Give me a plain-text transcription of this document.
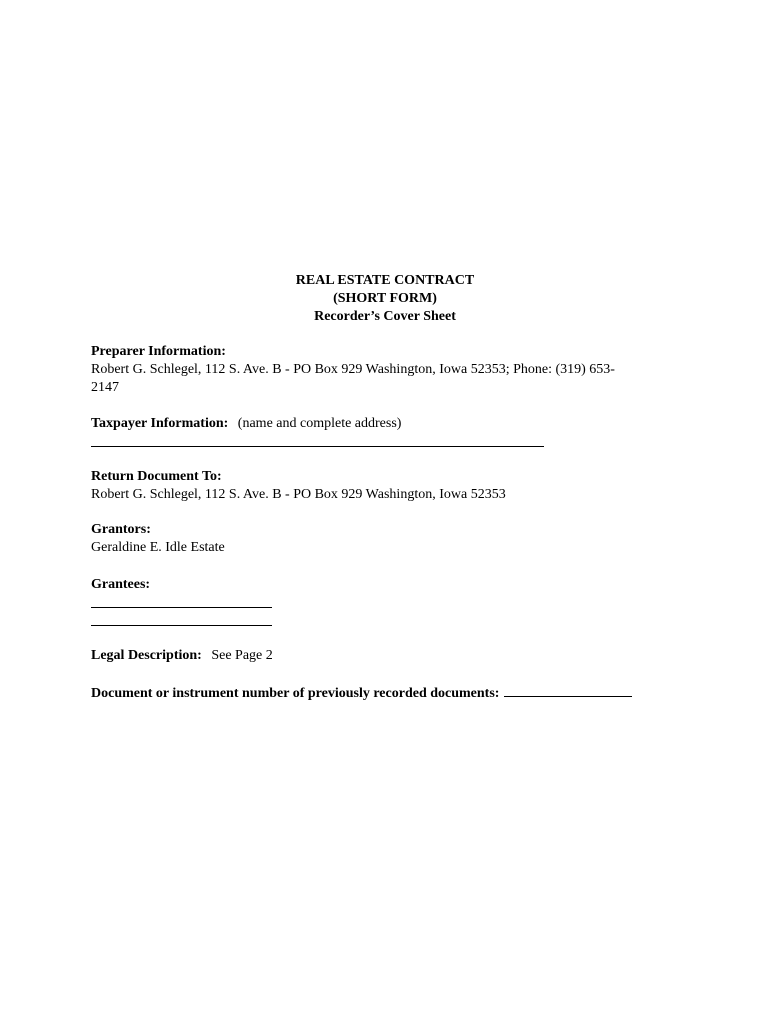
REAL ESTATE CONTRACT
(SHORT FORM)
Recorder’s Cover Sheet
Preparer Information:
Robert G. Schlegel, 112 S. Ave. B - PO Box 929 Washington, Iowa 52353; Phone: (319) 653-
2147
Taxpayer Information: (name and complete address)
Return Document To:
Robert G. Schlegel, 112 S. Ave. B - PO Box 929 Washington, Iowa 52353
Grantors:
Geraldine E. Idle Estate
Grantees:
Legal Description: See Page 2
Document or instrument number of previously recorded documents:
